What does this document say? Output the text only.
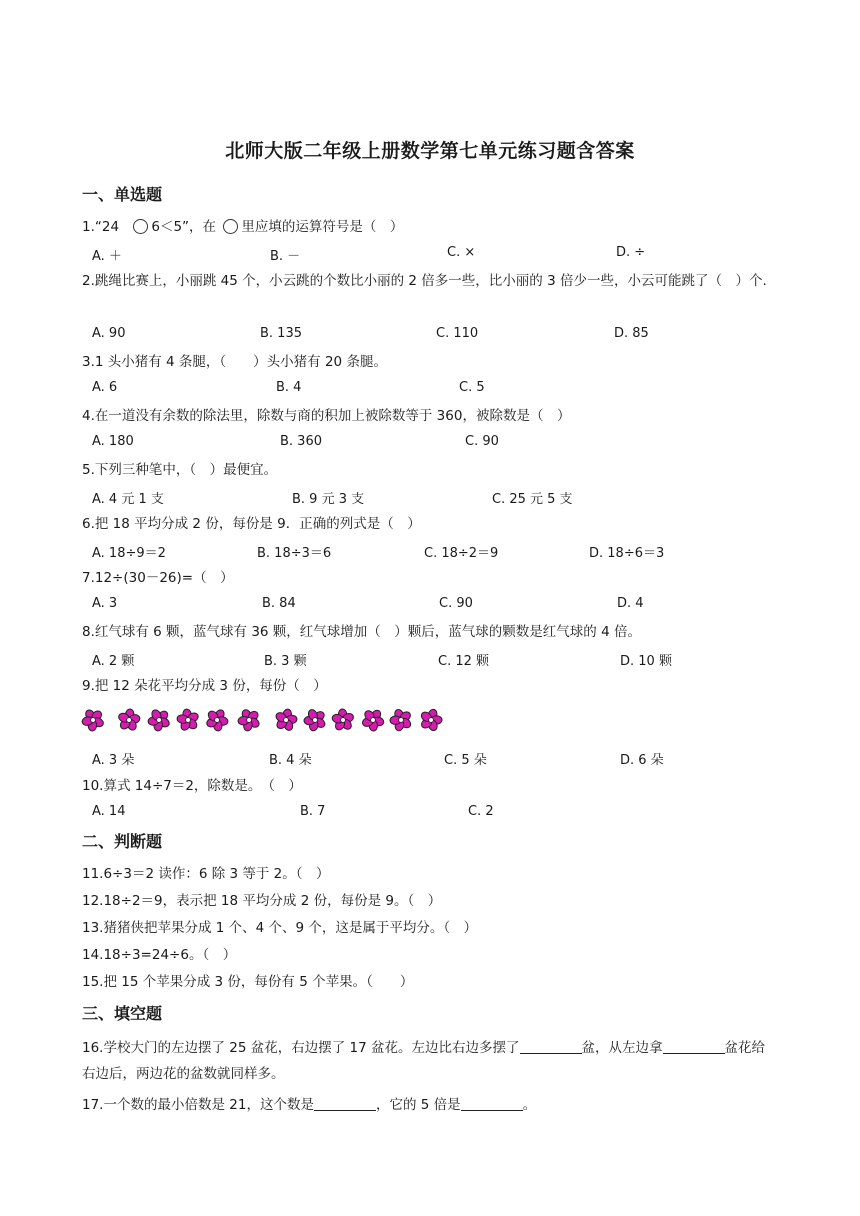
北师大版二年级上册数学第七单元练习题含答案
一、单选题
1.“24 6＜5”，在 里应填的运算符号是（　）
A. ＋	B. －	C. ×	D. ÷
2.跳绳比赛上，小丽跳 45 个，小云跳的个数比小丽的 2 倍多一些，比小丽的 3 倍少一些，小云可能跳了（　）个.
A. 90	B. 135	C. 110	D. 85
3.1 头小猪有 4 条腿，（　　）头小猪有 20 条腿。
A. 6	B. 4	C. 5
4.在一道没有余数的除法里，除数与商的积加上被除数等于 360，被除数是（　）
A. 180	B. 360	C. 90
5.下列三种笔中，（　）最便宜。
A. 4 元 1 支	B. 9 元 3 支	C. 25 元 5 支
6.把 18 平均分成 2 份，每份是 9．正确的列式是（　）
A. 18÷9＝2	B. 18÷3＝6	C. 18÷2＝9	D. 18÷6＝3
7.12÷(30－26)=（　）
A. 3	B. 84	C. 90	D. 4
8.红气球有 6 颗，蓝气球有 36 颗，红气球增加（　）颗后，蓝气球的颗数是红气球的 4 倍。
A. 2 颗	B. 3 颗	C. 12 颗	D. 10 颗
9.把 12 朵花平均分成 3 份，每份（　）
A. 3 朵	B. 4 朵	C. 5 朵	D. 6 朵
10.算式 14÷7＝2，除数是。　（　）
A. 14	B. 7	C. 2
二、判断题
11.6÷3＝2 读作：6 除 3 等于 2。（　）
12.18÷2＝9，表示把 18 平均分成 2 份，每份是 9。（　）
13.猪猪侠把苹果分成 1 个、4 个、9 个，这是属于平均分。（　）
14.18÷3=24÷6。（　）
15.把 15 个苹果分成 3 份，每份有 5 个苹果。（　　）
三、填空题
16.学校大门的左边摆了 25 盆花，右边摆了 17 盆花。左边比右边多摆了	盆，从左边拿	盆花给右边后，两边花的盆数就同样多。
17.一个数的最小倍数是 21，这个数是	，它的 5 倍是	。
